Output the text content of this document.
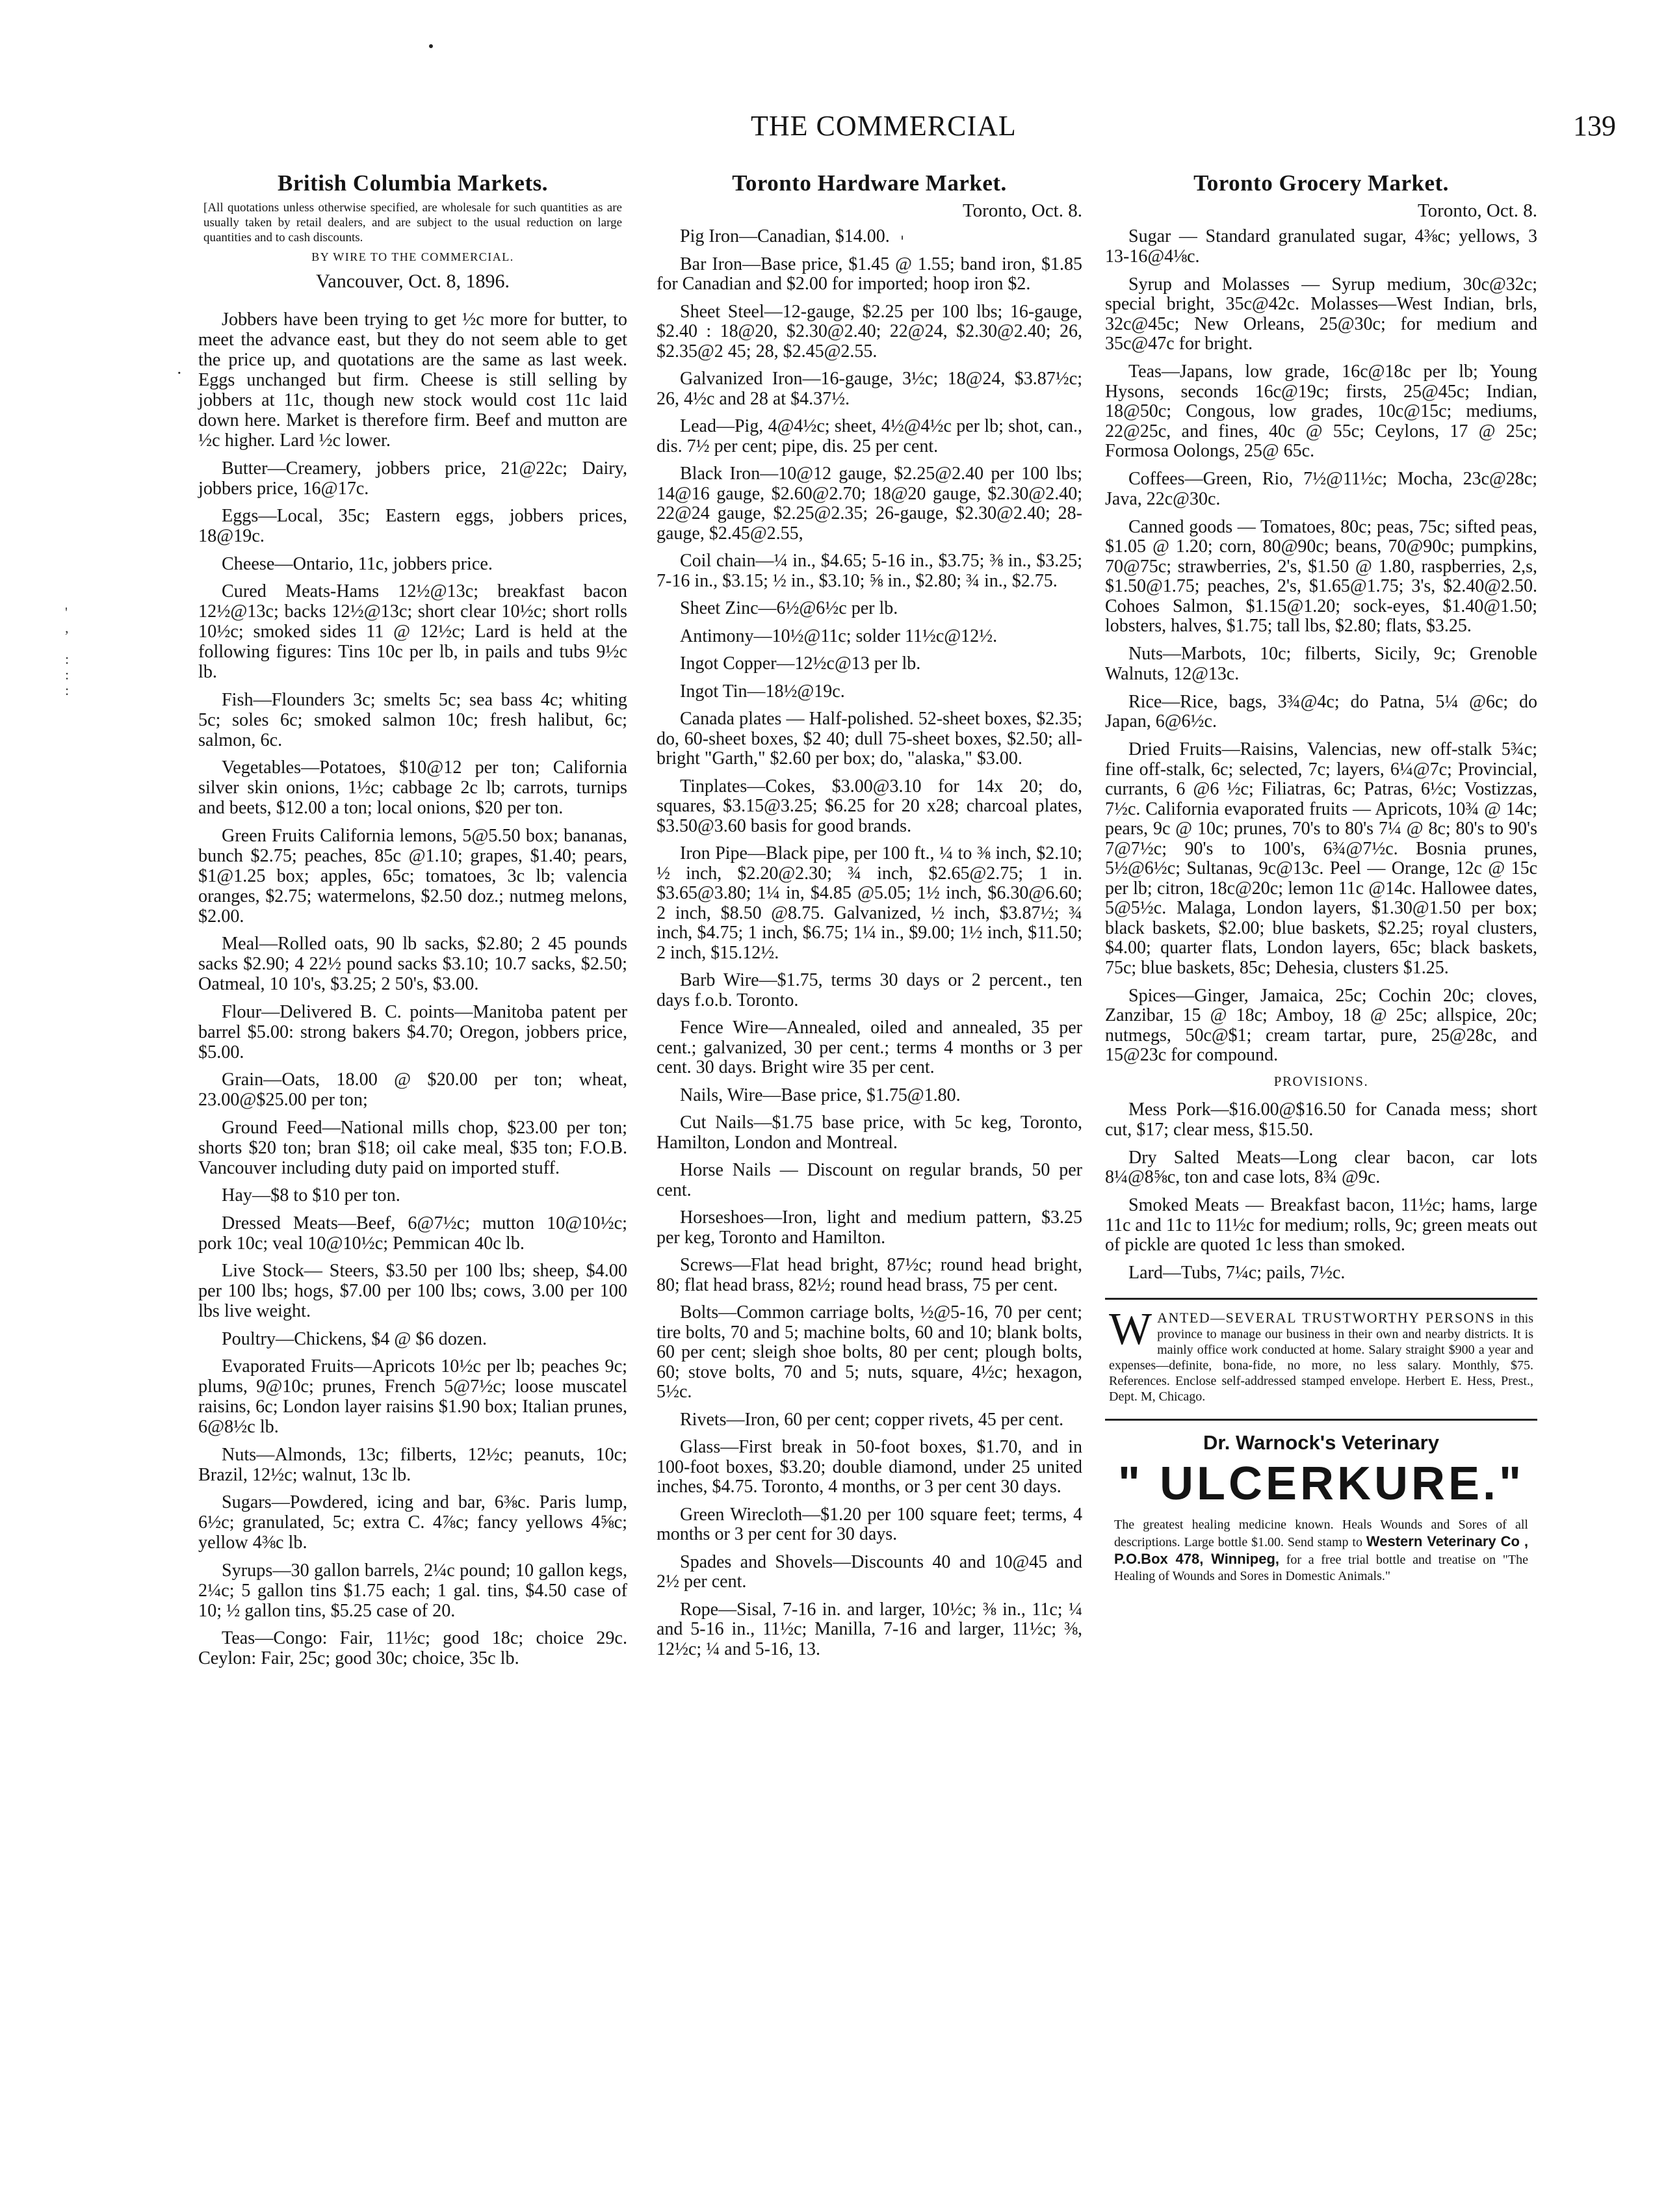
'
,

:
:
:
·
'
THE COMMERCIAL	139
British Columbia Markets.
[All quotations unless otherwise specified, are wholesale for such quantities as are usually taken by retail dealers, and are subject to the usual reduction on large quantities and to cash discounts.
BY WIRE TO THE COMMERCIAL.
Vancouver, Oct. 8, 1896.

Jobbers have been trying to get ½c more for butter, to meet the advance east, but they do not seem able to get the price up, and quotations are the same as last week. Eggs unchanged but firm. Cheese is still selling by jobbers at 11c, though new stock would cost 11c laid down here. Market is therefore firm. Beef and mutton are ½c higher. Lard ½c lower.

Butter—Creamery, jobbers price, 21@22c; Dairy, jobbers price, 16@17c.

Eggs—Local, 35c; Eastern eggs, jobbers prices, 18@19c.

Cheese—Ontario, 11c, jobbers price.

Cured Meats-Hams 12½@13c; breakfast bacon 12½@13c; backs 12½@13c; short clear 10½c; short rolls 10½c; smoked sides 11 @ 12½c; Lard is held at the following figures: Tins 10c per lb, in pails and tubs 9½c lb.

Fish—Flounders 3c; smelts 5c; sea bass 4c; whiting 5c; soles 6c; smoked salmon 10c; fresh halibut, 6c; salmon, 6c.

Vegetables—Potatoes, $10@12 per ton; California silver skin onions, 1½c; cabbage 2c lb; carrots, turnips and beets, $12.00 a ton; local onions, $20 per ton.

Green Fruits California lemons, 5@5.50 box; bananas, bunch $2.75; peaches, 85c @1.10; grapes, $1.40; pears, $1@1.25 box; apples, 65c; tomatoes, 3c lb; valencia oranges, $2.75; watermelons, $2.50 doz.; nutmeg melons, $2.00.

Meal—Rolled oats, 90 lb sacks, $2.80; 2 45 pounds sacks $2.90; 4 22½ pound sacks $3.10; 10.7 sacks, $2.50; Oatmeal, 10 10's, $3.25; 2 50's, $3.00.

Flour—Delivered B. C. points—Manitoba patent per barrel $5.00: strong bakers $4.70; Oregon, jobbers price, $5.00.

Grain—Oats, 18.00 @ $20.00 per ton; wheat, 23.00@$25.00 per ton;

Ground Feed—National mills chop, $23.00 per ton; shorts $20 ton; bran $18; oil cake meal, $35 ton; F.O.B. Vancouver including duty paid on imported stuff.

Hay—$8 to $10 per ton.

Dressed Meats—Beef, 6@7½c; mutton 10@10½c; pork 10c; veal 10@10½c; Pemmican 40c lb.

Live Stock— Steers, $3.50 per 100 lbs; sheep, $4.00 per 100 lbs; hogs, $7.00 per 100 lbs; cows, 3.00 per 100 lbs live weight.

Poultry—Chickens, $4 @ $6 dozen.

Evaporated Fruits—Apricots 10½c per lb; peaches 9c; plums, 9@10c; prunes, French 5@7½c; loose muscatel raisins, 6c; London layer raisins $1.90 box; Italian prunes, 6@8½c lb.

Nuts—Almonds, 13c; filberts, 12½c; peanuts, 10c; Brazil, 12½c; walnut, 13c lb.

Sugars—Powdered, icing and bar, 6⅜c. Paris lump, 6½c; granulated, 5c; extra C. 4⅞c; fancy yellows 4⅝c; yellow 4⅜c lb.

Syrups—30 gallon barrels, 2¼c pound; 10 gallon kegs, 2¼c; 5 gallon tins $1.75 each; 1 gal. tins, $4.50 case of 10; ½ gallon tins, $5.25 case of 20.

Teas—Congo: Fair, 11½c; good 18c; choice 29c. Ceylon: Fair, 25c; good 30c; choice, 35c lb.

Toronto Hardware Market.
Toronto, Oct. 8.

Pig Iron—Canadian, $14.00.

Bar Iron—Base price, $1.45 @ 1.55; band iron, $1.85 for Canadian and $2.00 for imported; hoop iron $2.

Sheet Steel—12-gauge, $2.25 per 100 lbs; 16-gauge, $2.40 : 18@20, $2.30@2.40; 22@24, $2.30@2.40; 26, $2.35@2 45; 28, $2.45@2.55.

Galvanized Iron—16-gauge, 3½c; 18@24, $3.87½c; 26, 4½c and 28 at $4.37½.

Lead—Pig, 4@4½c; sheet, 4½@4½c per lb; shot, can., dis. 7½ per cent; pipe, dis. 25 per cent.

Black Iron—10@12 gauge, $2.25@2.40 per 100 lbs; 14@16 gauge, $2.60@2.70; 18@20 gauge, $2.30@2.40; 22@24 gauge, $2.25@2.35; 26-gauge, $2.30@2.40; 28-gauge, $2.45@2.55,

Coil chain—¼ in., $4.65; 5-16 in., $3.75; ⅜ in., $3.25; 7-16 in., $3.15; ½ in., $3.10; ⅝ in., $2.80; ¾ in., $2.75.

Sheet Zinc—6½@6½c per lb.

Antimony—10½@11c; solder 11½c@12½.

Ingot Copper—12½c@13 per lb.

Ingot Tin—18½@19c.

Canada plates — Half-polished. 52-sheet boxes, $2.35; do, 60-sheet boxes, $2 40; dull 75-sheet boxes, $2.50; all-bright "Garth," $2.60 per box; do, "alaska," $3.00.

Tinplates—Cokes, $3.00@3.10 for 14x 20; do, squares, $3.15@3.25; $6.25 for 20 x28; charcoal plates, $3.50@3.60 basis for good brands.

Iron Pipe—Black pipe, per 100 ft., ¼ to ⅜ inch, $2.10; ½ inch, $2.20@2.30; ¾ inch, $2.65@2.75; 1 in. $3.65@3.80; 1¼ in, $4.85 @5.05; 1½ inch, $6.30@6.60; 2 inch, $8.50 @8.75. Galvanized, ½ inch, $3.87½; ¾ inch, $4.75; 1 inch, $6.75; 1¼ in., $9.00; 1½ inch, $11.50; 2 inch, $15.12½.

Barb Wire—$1.75, terms 30 days or 2 percent., ten days f.o.b. Toronto.

Fence Wire—Annealed, oiled and annealed, 35 per cent.; galvanized, 30 per cent.; terms 4 months or 3 per cent. 30 days. Bright wire 35 per cent.

Nails, Wire—Base price, $1.75@1.80.

Cut Nails—$1.75 base price, with 5c keg, Toronto, Hamilton, London and Montreal.

Horse Nails — Discount on regular brands, 50 per cent.

Horseshoes—Iron, light and medium pattern, $3.25 per keg, Toronto and Hamilton.

Screws—Flat head bright, 87½c; round head bright, 80; flat head brass, 82½; round head brass, 75 per cent.

Bolts—Common carriage bolts, ½@5-16, 70 per cent; tire bolts, 70 and 5; machine bolts, 60 and 10; blank bolts, 60 per cent; sleigh shoe bolts, 80 per cent; plough bolts, 60; stove bolts, 70 and 5; nuts, square, 4½c; hexagon, 5½c.

Rivets—Iron, 60 per cent; copper rivets, 45 per cent.

Glass—First break in 50-foot boxes, $1.70, and in 100-foot boxes, $3.20; double diamond, under 25 united inches, $4.75. Toronto, 4 months, or 3 per cent 30 days.

Green Wirecloth—$1.20 per 100 square feet; terms, 4 months or 3 per cent for 30 days.

Spades and Shovels—Discounts 40 and 10@45 and 2½ per cent.

Rope—Sisal, 7-16 in. and larger, 10½c; ⅜ in., 11c; ¼ and 5-16 in., 11½c; Manilla, 7-16 and larger, 11½c; ⅜, 12½c; ¼ and 5-16, 13.

Toronto Grocery Market.
Toronto, Oct. 8.

Sugar — Standard granulated sugar, 4⅜c; yellows, 3 13-16@4⅛c.

Syrup and Molasses — Syrup medium, 30c@32c; special bright, 35c@42c. Molasses—West Indian, brls, 32c@45c; New Orleans, 25@30c; for medium and 35c@47c for bright.

Teas—Japans, low grade, 16c@18c per lb; Young Hysons, seconds 16c@19c; firsts, 25@45c; Indian, 18@50c; Congous, low grades, 10c@15c; mediums, 22@25c, and fines, 40c @ 55c; Ceylons, 17 @ 25c; Formosa Oolongs, 25@ 65c.

Coffees—Green, Rio, 7½@11½c; Mocha, 23c@28c; Java, 22c@30c.

Canned goods — Tomatoes, 80c; peas, 75c; sifted peas, $1.05 @ 1.20; corn, 80@90c; beans, 70@90c; pumpkins, 70@75c; strawberries, 2's, $1.50 @ 1.80, raspberries, 2,s, $1.50@1.75; peaches, 2's, $1.65@1.75; 3's, $2.40@2.50. Cohoes Salmon, $1.15@1.20; sock-eyes, $1.40@1.50; lobsters, halves, $1.75; tall lbs, $2.80; flats, $3.25.

Nuts—Marbots, 10c; filberts, Sicily, 9c; Grenoble Walnuts, 12@13c.

Rice—Rice, bags, 3¾@4c; do Patna, 5¼ @6c; do Japan, 6@6½c.

Dried Fruits—Raisins, Valencias, new off-stalk 5¾c; fine off-stalk, 6c; selected, 7c; layers, 6¼@7c; Provincial, currants, 6 @6 ½c; Filiatras, 6c; Patras, 6½c; Vostizzas, 7½c. California evaporated fruits — Apricots, 10¾ @ 14c; pears, 9c @ 10c; prunes, 70's to 80's 7¼ @ 8c; 80's to 90's 7@7½c; 90's to 100's, 6¾@7½c. Bosnia prunes, 5½@6½c; Sultanas, 9c@13c. Peel — Orange, 12c @ 15c per lb; citron, 18c@20c; lemon 11c @14c. Hallowee dates, 5@5½c. Malaga, London layers, $1.30@1.50 per box; black baskets, $2.00; blue baskets, $2.25; royal clusters, $4.00; quarter flats, London layers, 65c; black baskets, 75c; blue baskets, 85c; Dehesia, clusters $1.25.

Spices—Ginger, Jamaica, 25c; Cochin 20c; cloves, Zanzibar, 15 @ 18c; Amboy, 18 @ 25c; allspice, 20c; nutmegs, 50c@$1; cream tartar, pure, 25@28c, and 15@23c for compound.

PROVISIONS.

Mess Pork—$16.00@$16.50 for Canada mess; short cut, $17; clear mess, $15.50.

Dry Salted Meats—Long clear bacon, car lots 8¼@8⅝c, ton and case lots, 8¾ @9c.

Smoked Meats — Breakfast bacon, 11½c; hams, large 11c and 11c to 11½c for medium; rolls, 9c; green meats out of pickle are quoted 1c less than smoked.

Lard—Tubs, 7¼c; pails, 7½c.

WANTED—SEVERAL TRUSTWORTHY PERSONS in this province to manage our business in their own and nearby districts. It is mainly office work conducted at home. Salary straight $900 a year and expenses—definite, bona-fide, no more, no less salary. Monthly, $75. References. Enclose self-addressed stamped envelope. Herbert E. Hess, Prest., Dept. M, Chicago.
Dr. Warnock's Veterinary
" ULCERKURE."
The greatest healing medicine known. Heals Wounds and Sores of all descriptions. Large bottle $1.00. Send stamp to Western Veterinary Co , P.O.Box 478, Winnipeg, for a free trial bottle and treatise on "The Healing of Wounds and Sores in Domestic Animals."
